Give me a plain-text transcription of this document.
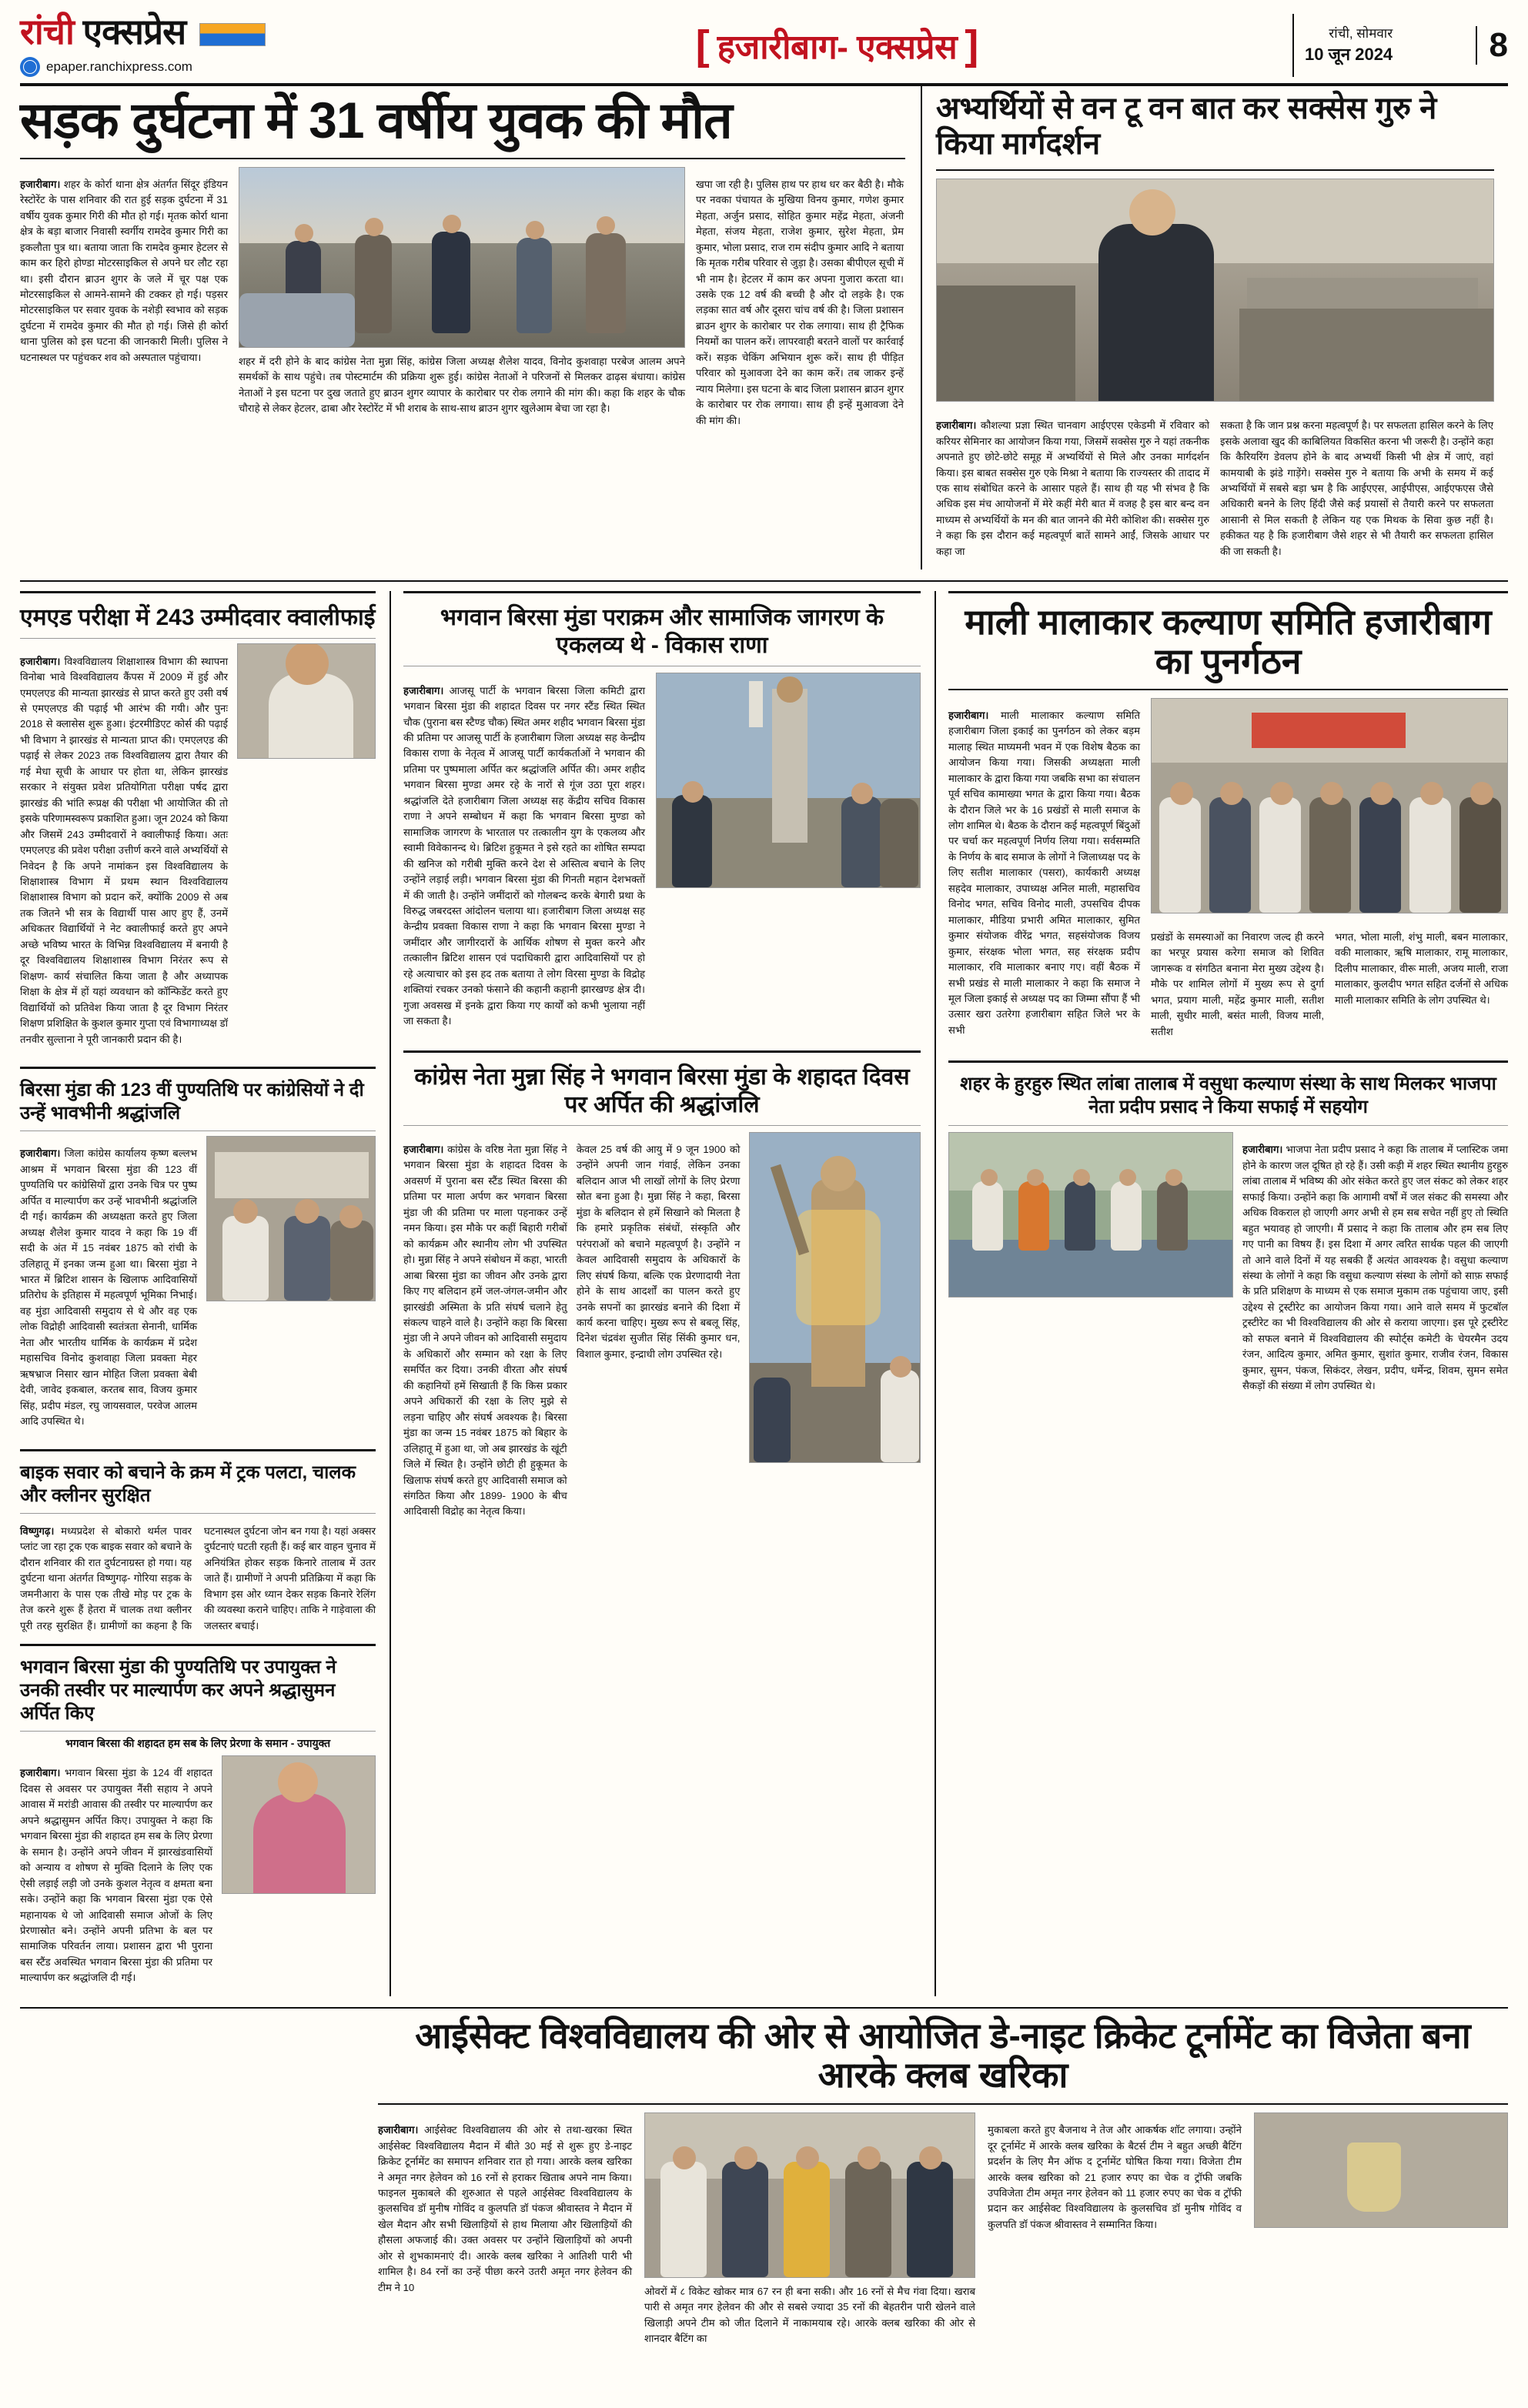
रांची एक्सप्रेस
epaper.ranchixpress.com	[ हजारीबाग- एक्सप्रेस ]	रांची, सोमवार
10 जून 2024	8
सड़क दुर्घटना में 31 वर्षीय युवक की मौत

हजारीबाग। शहर के कोर्रा थाना क्षेत्र अंतर्गत सिंदूर इंडियन रेस्टोरेंट के पास शनिवार की रात हुई सड़क दुर्घटना में 31 वर्षीय युवक कुमार गिरी की मौत हो गई। मृतक कोर्रा थाना क्षेत्र के बड़ा बाजार निवासी स्वर्गीय रामदेव कुमार गिरी का इकलौता पुत्र था। बताया जाता कि रामदेव कुमार हेटलर से काम कर हिरो होण्डा मोटरसाइकिल से अपने घर लौट रहा था। इसी दौरान ब्राउन शुगर के जले में चूर पक्ष एक मोटरसाइकिल से आमने-सामने की टक्कर हो गई। पड़सर मोटरसाइकिल पर सवार युवक के नशेड़ी स्वभाव को सड़क दुर्घटना में रामदेव कुमार की मौत हो गई। जिसे ही कोर्रा थाना पुलिस को इस घटना की जानकारी मिली। पुलिस ने घटनास्थल पर पहुंचकर शव को अस्पताल पहुंचाया।	शहर में दरी होने के बाद कांग्रेस नेता मुन्ना सिंह, कांग्रेस जिला अध्यक्ष शैलेश यादव, विनोद कुशवाहा परबेज आलम अपने समर्थकों के साथ पहुंचे। तब पोस्टमार्टम की प्रक्रिया शुरू हुई। कांग्रेस नेताओं ने परिजनों से मिलकर ढाढ़स बंधाया। कांग्रेस नेताओं ने इस घटना पर दुख जताते हुए ब्राउन शुगर व्यापार के कारोबार पर रोक लगाने की मांग की। कहा कि शहर के चौक चौराहे से लेकर हेटलर, ढाबा और रेस्टोरेंट में भी शराब के साथ-साथ ब्राउन शुगर खुलेआम बेचा जा रहा है।

खपा जा रही है। पुलिस हाथ पर हाथ धर कर बैठी है। मौके पर नवका पंचायत के मुखिया विनय कुमार, गणेश कुमार मेहता, अर्जुन प्रसाद, सोहित कुमार महेंद्र मेहता, अंजनी मेहता, संजय मेहता, राजेश कुमार, सुरेश मेहता, प्रेम कुमार, भोला प्रसाद, राज राम संदीप कुमार आदि ने बताया कि मृतक गरीब परिवार से जुड़ा है। उसका बीपीएल सूची में भी नाम है। हेटलर में काम कर अपना गुजारा करता था। उसके एक 12 वर्ष की बच्ची है और दो लड़के है। एक लड़का सात वर्ष और दूसरा चांच वर्ष की है। जिला प्रशासन ब्राउन शुगर के कारोबार पर रोक लगाया। साथ ही ट्रैफिक नियमों का पालन करें। लापरवाही बरतने वालों पर कार्रवाई करें। सड़क चेकिंग अभियान शुरू करें। साथ ही पीड़ित परिवार को मुआवजा देने का काम करें। तब जाकर इन्हें न्याय मिलेगा। इस घटना के बाद जिला प्रशासन ब्राउन शुगर के कारोबार पर रोक लगाया। साथ ही इन्हें मुआवजा देने की मांग की।

अभ्यर्थियों से वन टू वन बात कर सक्सेस गुरु ने किया मार्गदर्शन

हजारीबाग। कौशल्या प्रज्ञा स्थित चानवाग आईएएस एकेडमी में रविवार को करियर सेमिनार का आयोजन किया गया, जिसमें सक्सेस गुरु ने यहां तकनीक अपनाते हुए छोटे-छोटे समूह में अभ्यर्थियों से मिले और उनका मार्गदर्शन किया। इस बाबत सक्सेस गुरु एके मिश्रा ने बताया कि राज्यस्तर की तादाद में एक साथ संबोधित करने के आसार पहले हैं। साथ ही यह भी संभव है कि अधिक इस मंच आयोजनों में मेरे कहीं मेरी बात में वजह है इस बार बन्द वन माध्यम से अभ्यर्थियों के मन की बात जानने की मेरी कोशिश की। सक्सेस गुरु ने कहा कि इस दौरान कई महत्वपूर्ण बातें सामने आईं, जिसके आधार पर कहा जा

सकता है कि जान प्रश्न करना महत्वपूर्ण है। पर सफलता हासिल करने के लिए इसके अलावा खुद की काबिलियत विकसित करना भी जरूरी है। उन्होंने कहा कि कैरियरिंग डेवलप होने के बाद अभ्यर्थी किसी भी क्षेत्र में जाएं, वहां कामयाबी के झंडे गाड़ेंगे। सक्सेस गुरु ने बताया कि अभी के समय में कई अभ्यर्थियों में सबसे बड़ा भ्रम है कि आईएएस, आईपीएस, आईएफएस जैसे अधिकारी बनने के लिए हिंदी जैसे कई प्रयासों से तैयारी करने पर सफलता आसानी से मिल सकती है लेकिन यह एक मिथक के सिवा कुछ नहीं है। हकीकत यह है कि हजारीबाग जैसे शहर से भी तैयारी कर सफलता हासिल की जा सकती है।

एमएड परीक्षा में 243 उम्मीदवार क्वालीफाई

हजारीबाग। विश्वविद्यालय शिक्षाशास्त्र विभाग की स्थापना विनोबा भावे विश्वविद्यालय कैंपस में 2009 में हुई और एमएलएड की मान्यता झारखंड से प्राप्त करते हुए उसी वर्ष से एमएलएड की पढ़ाई भी आरंभ की गयी। और पुनः 2018 से क्लासेस शुरू हुआ। इंटरमीडिएट कोर्स की पढ़ाई भी विभाग ने झारखंड से मान्यता प्राप्त की। एमएलएड की पढ़ाई से लेकर 2023 तक विश्वविद्यालय द्वारा तैयार की गई मेधा सूची के आधार पर होता था, लेकिन झारखंड सरकार ने संयुक्त प्रवेश प्रतियोगिता परीक्षा पर्षद द्वारा झारखंड की भांति रूप्रक्ष की परीक्षा भी आयोजित की तो इसके परिणामस्वरूप प्रकाशित हुआ। जून 2024 को किया और जिसमें 243 उम्मीदवारों ने क्वालीफाई किया। अतः एमएलएड की प्रवेश परीक्षा उत्तीर्ण करने वाले अभ्यर्थियों से निवेदन है कि अपने नामांकन इस विश्वविद्यालय के शिक्षाशास्त्र विभाग में प्रथम स्थान विश्वविद्यालय शिक्षाशास्त्र विभाग को प्रदान करें, क्योंकि 2009 से अब तक जितने भी सत्र के विद्यार्थी पास आए हुए हैं, उनमें अधिकतर विद्यार्थियों ने नेट क्वालीफाई करते हुए अपने अच्छे भविष्य भारत के विभिन्न विश्वविद्यालय में बनायी है दूर विश्वविद्यालय शिक्षाशास्त्र विभाग निरंतर रूप से शिक्षण- कार्य संचालित किया जाता है और अध्यापक शिक्षा के क्षेत्र में हों यहां व्यवधान को कॉन्फिडेंट करते हुए विद्यार्थियों को प्रतिवेश किया जाता है दूर विभाग निरंतर शिक्षण प्रशिक्षित के कुशल कुमार गुप्ता एवं विभागाध्यक्ष डॉ तनवीर सुल्ताना ने पूरी जानकारी प्रदान की है।

बिरसा मुंडा की 123 वीं पुण्यतिथि पर कांग्रेसियों ने दी उन्हें भावभीनी श्रद्धांजलि

हजारीबाग। जिला कांग्रेस कार्यालय कृष्ण बल्लभ आश्रम में भगवान बिरसा मुंडा की 123 वीं पुण्यतिथि पर कांग्रेसियों द्वारा उनके चित्र पर पुष्प अर्पित व माल्यार्पण कर उन्हें भावभीनी श्रद्धांजलि दी गई। कार्यक्रम की अध्यक्षता करते हुए जिला अध्यक्ष शैलेश कुमार यादव ने कहा कि 19 वीं सदी के अंत में 15 नवंबर 1875 को रांची के उलिहातू में इनका जन्म हुआ था। बिरसा मुंडा ने भारत में ब्रिटिश शासन के खिलाफ आदिवासियों प्रतिरोध के इतिहास में महत्वपूर्ण भूमिका निभाई। वह मुंडा आदिवासी समुदाय से थे और वह एक लोक विद्रोही आदिवासी स्वतंत्रता सेनानी, धार्मिक नेता और भारतीय धार्मिक के कार्यक्रम में प्रदेश महासचिव विनोद कुशवाहा जिला प्रवक्ता मेहर ऋषभ्राज निसार खान मोहित जिला प्रवक्ता बेबी देवी, जावेद इकबाल, करतब साव, विजय कुमार सिंह, प्रदीप मंडल, रघु जायसवाल, परवेज आलम आदि उपस्थित थे।

बाइक सवार को बचाने के क्रम में ट्रक पलटा, चालक और क्लीनर सुरक्षित

विष्णुगढ़। मध्यप्रदेश से बोकारो थर्मल पावर प्लांट जा रहा ट्रक एक बाइक सवार को बचाने के दौरान शनिवार की रात दुर्घटनाग्रस्त हो गया। यह दुर्घटना थाना अंतर्गत विष्णुगढ़- गोरिया सड़क के जमनीआरा के पास एक तीखे मोड़ पर ट्रक के तेज करने शुरू हैं हेतरा में चालक तथा क्लीनर पूरी तरह सुरक्षित हैं। ग्रामीणों का कहना है कि घटनास्थल दुर्घटना जोन बन गया है। यहां अक्सर दुर्घटनाएं घटती रहती हैं। कई बार वाहन चुनाव में अनियंत्रित होकर सड़क किनारे तालाब में उतर जाते हैं। ग्रामीणों ने अपनी प्रतिक्रिया में कहा कि विभाग इस ओर ध्यान देकर सड़क किनारे रेलिंग की व्यवस्था कराने चाहिए। ताकि ने गाडे़वाला की जलस्तर बचाई।

भगवान बिरसा मुंडा की पुण्यतिथि पर उपायुक्त ने उनकी तस्वीर पर माल्यार्पण कर अपने श्रद्धासुमन अर्पित किए
भगवान बिरसा की शहादत हम सब के लिए प्रेरणा के समान - उपायुक्त

हजारीबाग। भगवान बिरसा मुंडा के 124 वीं शहादत दिवस से अवसर पर उपायुक्त नैंसी सहाय ने अपने आवास में मरांडी आवास की तस्वीर पर माल्यार्पण कर अपने श्रद्धासुमन अर्पित किए। उपायुक्त ने कहा कि भगवान बिरसा मुंडा की शहादत हम सब के लिए प्रेरणा के समान है। उन्होंने अपने जीवन में झारखंडवासियों को अन्याय व शोषण से मुक्ति दिलाने के लिए एक ऐसी लड़ाई लड़ी जो उनके कुशल नेतृत्व व क्षमता बना सके। उन्होंने कहा कि भगवान बिरसा मुंडा एक ऐसे महानायक थे जो आदिवासी समाज ओजों के लिए प्रेरणास्रोत बने। उन्होंने अपनी प्रतिभा के बल पर सामाजिक परिवर्तन लाया। प्रशासन द्वारा भी पुराना बस स्टैंड अवस्थित भगवान बिरसा मुंडा की प्रतिमा पर माल्यार्पण कर श्रद्धांजलि दी गई।

भगवान बिरसा मुंडा पराक्रम और सामाजिक जागरण के एकलव्य थे - विकास राणा

हजारीबाग। आजसू पार्टी के भगवान बिरसा जिला कमिटी द्वारा भगवान बिरसा मुंडा की शहादत दिवस पर नगर स्टैंड स्थित स्थित चौक (पुराना बस स्टैण्ड चौक) स्थित अमर शहीद भगवान बिरसा मुंडा की प्रतिमा पर आजसू पार्टी के हजारीबाग जिला अध्यक्ष सह केन्द्रीय विकास राणा के नेतृत्व में आजसू पार्टी कार्यकर्ताओं ने भगवान की प्रतिमा पर पुष्पमाला अर्पित कर श्रद्धांजलि अर्पित की। अमर शहीद भगवान बिरसा मुण्डा अमर रहे के नारों से गूंज उठा पूरा शहर। श्रद्धांजलि देते हजारीबाग जिला अध्यक्ष सह केंद्रीय सचिव विकास राणा ने अपने सम्बोधन में कहा कि भगवान बिरसा मुण्डा को सामाजिक जागरण के भारताल पर तत्कालीन युग के एकलव्य और स्वामी विवेकानन्द थे। ब्रिटिश हुकूमत ने इसे रहते का शोषित सम्पदा की खनिज को गरीबी मुक्ति करने देश से अस्तित्व बचाने के लिए उन्होंने लड़ाई लड़ी। भगवान बिरसा मुंडा की गिनती महान देशभक्तों में की जाती है। उन्होंने जमींदारों को गोलबन्द करके बेगारी प्रथा के विरुद्ध जबरदस्त आंदोलन चलाया था। हजारीबाग जिला अध्यक्ष सह केन्द्रीय प्रवक्ता विकास राणा ने कहा कि भगवान बिरसा मुण्डा ने जमींदार और जागीरदारों के आर्थिक शोषण से मुक्त करने और तत्कालीन ब्रिटिश शासन एवं पदाधिकारी द्वारा आदिवासियों पर हो रहे अत्याचार को इस हद तक बताया ते लोग विरसा मुण्डा के विद्रोह शक्तियां रचकर उनको फंसाने की कहानी कहानी झारखण्ड क्षेत्र दी। गुजा अवसख में इनके द्वारा किया गए कार्यों को कभी भुलाया नहीं जा सकता है।

कांग्रेस नेता मुन्ना सिंह ने भगवान बिरसा मुंडा के शहादत दिवस पर अर्पित की श्रद्धांजलि

हजारीबाग। कांग्रेस के वरिष्ठ नेता मुन्ना सिंह ने भगवान बिरसा मुंडा के शहादत दिवस के अवसर्ण में पुराना बस स्टैंड स्थित बिरसा की प्रतिमा पर माला अर्पण कर भगवान बिरसा मुंडा जी की प्रतिमा पर माला पहनाकर उन्हें नमन किया। इस मौके पर कहीं बिहारी गरीबों को कार्यक्रम और स्थानीय लोग भी उपस्थित हो। मुन्ना सिंह ने अपने संबोधन में कहा, भारती आबा बिरसा मुंडा का जीवन और उनके द्वारा किए गए बलिदान हमें जल-जंगल-जमीन और झारखंडी अस्मिता के प्रति संघर्ष चलाने हेतु संकल्प चाहने वाले है। उन्होंने कहा कि बिरसा मुंडा जी ने अपने जीवन को आदिवासी समुदाय के अधिकारों और सम्मान को रक्षा के लिए समर्पित कर दिया। उनकी वीरता और संघर्ष की कहानियों हमें सिखाती हैं कि किस प्रकार अपने अधिकारों की रक्षा के लिए मुझे से लड़ना चाहिए और संघर्ष अवश्यक है। बिरसा मुंडा का जन्म 15 नवंबर 1875 को बिहार के उलिहातू में हुआ था, जो अब झारखंड के खूंटी जिले में स्थित है। उन्होंने छोटी ही हुकूमत के खिलाफ संघर्ष करते हुए आदिवासी समाज को संगठित किया और 1899- 1900 के बीच आदिवासी विद्रोह का नेतृत्व किया।

केवल 25 वर्ष की आयु में 9 जून 1900 को उन्होंने अपनी जान गंवाई, लेकिन उनका बलिदान आज भी लाखों लोगों के लिए प्रेरणा स्रोत बना हुआ है। मुन्ना सिंह ने कहा, बिरसा मुंडा के बलिदान से हमें सिखाने को मिलता है कि हमारे प्रकृतिक संबंधों, संस्कृति और परंपराओं को बचाने महत्वपूर्ण है। उन्होंने न केवल आदिवासी समुदाय के अधिकारों के लिए संघर्ष किया, बल्कि एक प्रेरणादायी नेता होने के साथ आदर्शों का पालन करते हुए उनके सपनों का झारखंड बनाने की दिशा में कार्य करना चाहिए। मुख्य रूप से बबलू सिंह, दिनेश चंद्रवंश सुजीत सिंह सिंकी कुमार धन, विशाल कुमार, इन्द्राधी लोग उपस्थित रहे।

माली मालाकार कल्याण समिति हजारीबाग का पुनर्गठन

हजारीबाग। माली मालाकार कल्याण समिति हजारीबाग जिला इकाई का पुनर्गठन को लेकर बड़म मालाह स्थित माघ्यमनी भवन में एक विशेष बैठक का आयोजन किया गया। जिसकी अध्यक्षता माली मालाकार के द्वारा किया गया जबकि सभा का संचालन पूर्व सचिव कामाख्या भगत के द्वारा किया गया। बैठक के दौरान जिले भर के 16 प्रखंडों से माली समाज के लोग शामिल थे। बैठक के दौरान कई महत्वपूर्ण बिंदुओं पर चर्चा कर महत्वपूर्ण निर्णय लिया गया। सर्वसम्मति के निर्णय के बाद समाज के लोगों ने जिलाध्यक्ष पद के लिए सतीश मालाकार (पसरा), कार्यकारी अध्यक्ष सहदेव मालाकार, उपाध्यक्ष अनिल माली, महासचिव विनोद भगत, सचिव विनोद माली, उपसचिव दीपक मालाकार, मीडिया प्रभारी अमित मालाकार, सुमित कुमार संयोजक वीरेंद्र भगत, सहसंयोजक विजय कुमार, संरक्षक भोला भगत, सह संरक्षक प्रदीप मालाकार, रवि मालाकार बनाए गए। वहीं बैठक में सभी प्रखंड से माली मालाकार ने कहा कि समाज ने मूल जिला इकाई से अध्यक्ष पद का जिम्मा सौंपा हैं भी उत्सार खरा उतरेगा हजारीबाग सहित जिले भर के सभी

प्रखंडों के समस्याओं का निवारण जल्द ही करने का भरपूर प्रयास करेगा समाज को शिवित जागरूक व संगठित बनाना मेरा मुख्य उद्देश्य है। मौके पर शामिल लोगों में मुख्य रूप से दुर्गा भगत, प्रयाग माली, महेंद्र कुमार माली, सतीश माली, सुधीर माली, बसंत माली, विजय माली, सतीश

भगत, भोला माली, शंभु माली, बबन मालाकार, वकी मालाकार, ऋषि मालाकार, रामू मालाकार, दिलीप मालाकार, वीरू माली, अजय माली, राजा मालाकार, कुलदीप भगत सहित दर्जनों से अधिक माली मालाकार समिति के लोग उपस्थित थे।

शहर के हुरहुरु स्थित लांबा तालाब में वसुधा कल्याण संस्था के साथ मिलकर भाजपा नेता प्रदीप प्रसाद ने किया सफाई में सहयोग

हजारीबाग। भाजपा नेता प्रदीप प्रसाद ने कहा कि तालाब में प्लास्टिक जमा होने के कारण जल दूषित हो रहे हैं। उसी कड़ी में शहर स्थित स्थानीय हुरहुरु लांबा तालाब में भविष्य की ओर संकेत करते हुए जल संकट को लेकर शहर सफाई किया। उन्होंने कहा कि आगामी वर्षों में जल संकट की समस्या और अधिक विकराल हो जाएगी अगर अभी से हम सब सचेत नहीं हुए तो स्थिति बहुत भयावह हो जाएगी। मैं प्रसाद ने कहा कि तालाब और हम सब लिए गए पानी का विषय हैं। इस दिशा में अगर त्वरित सार्थक पहल की जाएगी तो आने वाले दिनों में यह सबकी हैं अत्यंत आवश्यक है। वसुधा कल्याण संस्था के लोगों ने कहा कि वसुधा कल्याण संस्था के लोगों को साफ़ सफाई के प्रति प्रशिक्षण के माध्यम से एक समाज मुकाम तक पहुंचाया जाए, इसी उद्देश्य से ट्रस्टीरेट का आयोजन किया गया। आने वाले समय में फुटबॉल ट्रस्टीरेट का भी विश्वविद्यालय की ओर से कराया जाएगा। इस पूरे ट्रस्टीरेट को सफल बनाने में विश्वविद्यालय की स्पोर्ट्स कमेटी के चेयरमैन उदय रंजन, आदित्य कुमार, अमित कुमार, सुशांत कुमार, राजीव रंजन, विकास कुमार, सुमन, पंकज, सिकंदर, लेखन, प्रदीप, धर्मेन्द्र, शिवम, सुमन समेत सैकड़ों की संख्या में लोग उपस्थित थे।

आईसेक्ट विश्वविद्यालय की ओर से आयोजित डे-नाइट क्रिकेट टूर्नामेंट का विजेता बना आरके क्लब खरिका

हजारीबाग। आईसेक्ट विश्वविद्यालय की ओर से तथा-खरका स्थित आईसेक्ट विश्वविद्यालय मैदान में बीते 30 मई से शुरू हुए डे-नाइट क्रिकेट टूर्नामेंट का समापन शनिवार रात हो गया। आरके क्लब खरिका ने अमृत नगर हेलेवन को 16 रनों से हराकर खिताब अपने नाम किया। फाइनल मुकाबले की शुरुआत से पहले आईसेक्ट विश्वविद्यालय के कुलसचिव डॉ मुनीष गोविंद व कुलपति डॉ पंकज श्रीवास्तव ने मैदान में खेल मैदान और सभी खिलाड़ियों से हाथ मिलाया और खिलाड़ियों की हौसला अफजाई की। उक्त अवसर पर उन्होंने खिलाड़ियों को अपनी ओर से शुभकामनाएं दी। आरके क्लब खरिका ने आतिशी पारी भी शामिल है। 84 रनों का उन्हें पीछा करने उतरी अमृत नगर हेलेवन की टीम ने 10	ओवरों में ८ विकेट खोकर मात्र 67 रन ही बना सकी। और 16 रनों से मैच गंवा दिया। खराब पारी से अमृत नगर हेलेवन की और से सबसे ज्यादा 35 रनों की बेहतरीन पारी खेलने वाले खिलाड़ी अपने टीम को जीत दिलाने में नाकामयाब रहे। आरके क्लब खरिका की ओर से शानदार बैटिंग का

मुकाबला करते हुए बैजनाथ ने तेज और आकर्षक शॉट लगाया। उन्होंने दूर टूर्नामेंट में आरके क्लब खरिका के बैटर्स टीम ने बहुत अच्छी बैटिंग प्रदर्शन के लिए मैन ऑफ द टूर्नामेंट घोषित किया गया। विजेता टीम आरके क्लब खरिका को 21 हजार रुपए का चेक व ट्रॉफी जबकि उपविजेता टीम अमृत नगर हेलेवन को 11 हजार रुपए का चेक व ट्रॉफी प्रदान कर आईसेक्ट विश्वविद्यालय के कुलसचिव डॉ मुनीष गोविंद व कुलपति डॉ पंकज श्रीवास्तव ने सम्मानित किया।
